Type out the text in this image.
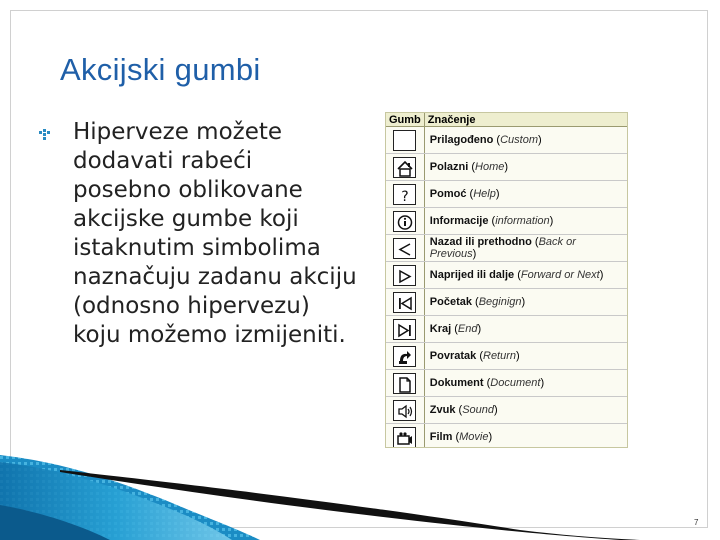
Akcijski gumbi
Hiperveze možete
dodavati rabeći
posebno oblikovane
akcijske gumbe koji
istaknutim simbolima
naznačuju zadanu akciju
(odnosno hipervezu)
koju možemo izmijeniti.
Gumb	Značenje

	Prilagođeno (Custom)

	Polazni (Home)

?	Pomoć (Help)

	Informacije (information)

	Nazad ili prethodno (Back or Previous)

	Naprijed ili dalje (Forward or Next)

	Početak (Beginign)

	Kraj (End)

	Povratak (Return)

	Dokument (Document)

	Zvuk (Sound)

	Film (Movie)
7
